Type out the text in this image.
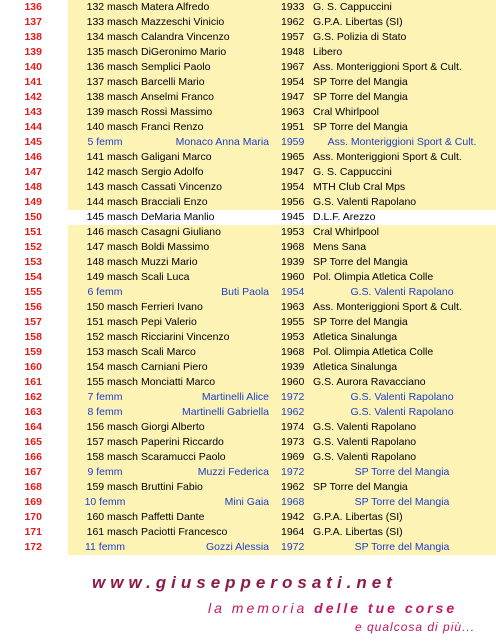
136	132 masch Matera Alfredo	1933 G. S. Cappuccini
137	133 masch Mazzeschi Vinicio	1962 G.P.A. Libertas (SI)
138	134 masch Calandra Vincenzo	1957 G.S. Polizia di Stato
139	135 masch DiGeronimo Mario	1948 Libero
140	136 masch Semplici Paolo	1967 Ass. Monteriggioni Sport & Cult.
141	137 masch Barcelli Mario	1954 SP Torre del Mangia
142	138 masch Anselmi Franco	1947 SP Torre del Mangia
143	139 masch Rossi Massimo	1963 Cral Whirlpool
144	140 masch Franci Renzo	1951 SP Torre del Mangia
145	5 femm	Monaco Anna Maria 1959	Ass. Monteriggioni Sport & Cult.
146	141 masch Galigani Marco	1965 Ass. Monteriggioni Sport & Cult.
147	142 masch Sergio Adolfo	1947 G. S. Cappuccini
148	143 masch Cassati Vincenzo	1954 MTH Club Cral Mps
149	144 masch Bracciali Enzo	1956 G.S. Valenti Rapolano
150	145 masch DeMaria Manlio	1945 D.L.F. Arezzo
151	146 masch Casagni Giuliano	1953 Cral Whirlpool
152	147 masch Boldi Massimo	1968 Mens Sana
153	148 masch Muzzi Mario	1939 SP Torre del Mangia
154	149 masch Scali Luca	1960 Pol. Olimpia Atletica Colle
155	6 femm	Buti Paola 1954	G.S. Valenti Rapolano
156	150 masch Ferrieri Ivano	1963 Ass. Monteriggioni Sport & Cult.
157	151 masch Pepi Valerio	1955 SP Torre del Mangia
158	152 masch Ricciarini Vincenzo	1953 Atletica Sinalunga
159	153 masch Scali Marco	1968 Pol. Olimpia Atletica Colle
160	154 masch Carniani Piero	1939 Atletica Sinalunga
161	155 masch Monciatti Marco	1960 G.S. Aurora Ravacciano
162	7 femm	Martinelli Alice 1972	G.S. Valenti Rapolano
163	8 femm	Martinelli Gabriella 1962	G.S. Valenti Rapolano
164	156 masch Giorgi Alberto	1974 G.S. Valenti Rapolano
165	157 masch Paperini Riccardo	1973 G.S. Valenti Rapolano
166	158 masch Scaramucci Paolo	1969 G.S. Valenti Rapolano
167	9 femm	Muzzi Federica 1972	SP Torre del Mangia
168	159 masch Bruttini Fabio	1962 SP Torre del Mangia
169	10 femm	Mini Gaia 1968	SP Torre del Mangia
170	160 masch Paffetti Dante	1942 G.P.A. Libertas (SI)
171	161 masch Paciotti Francesco	1964 G.P.A. Libertas (SI)
172	11 femm	Gozzi Alessia 1972	SP Torre del Mangia
www.giusepperosati.net
la memoria delle tue corse
e qualcosa di più...
